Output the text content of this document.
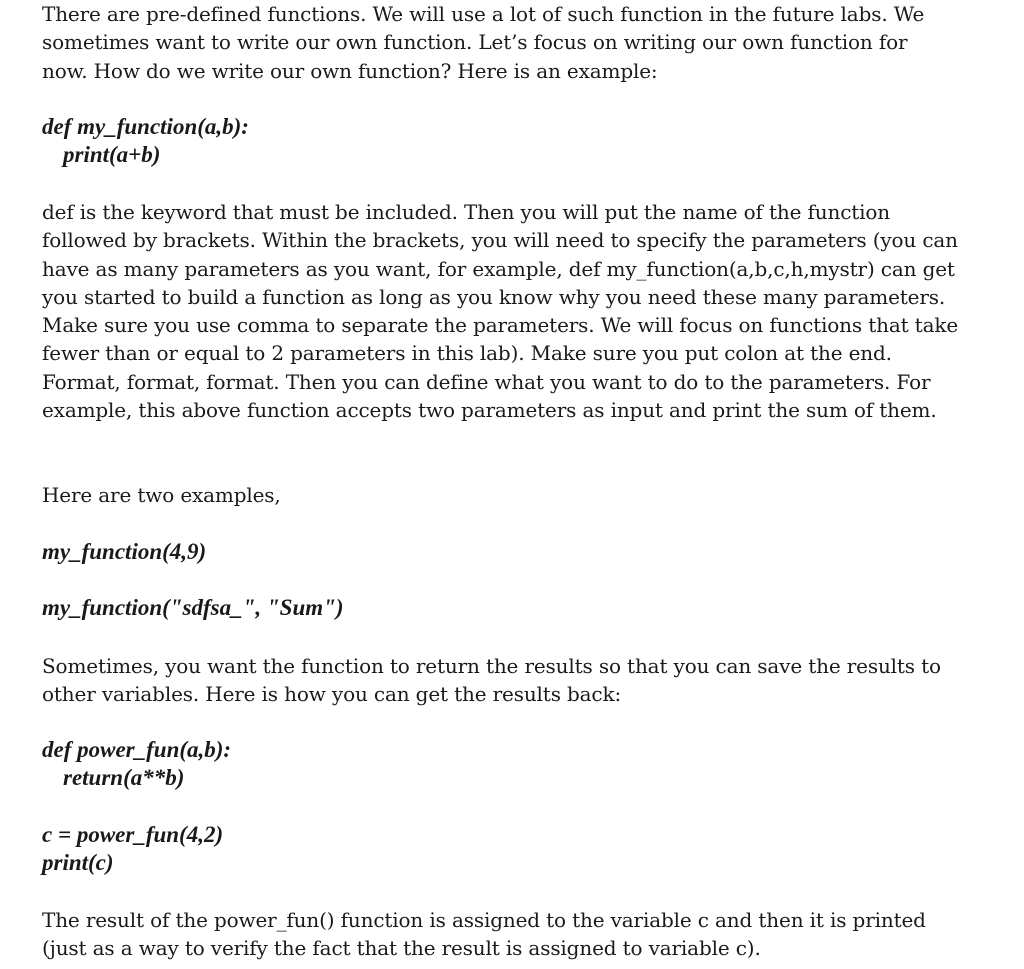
There are pre-defined functions. We will use a lot of such function in the future labs. We
sometimes want to write our own function. Let’s focus on writing our own function for
now. How do we write our own function? Here is an example:

def my_function(a,b):

print(a+b)

def is the keyword that must be included. Then you will put the name of the function
followed by brackets. Within the brackets, you will need to specify the parameters (you can
have as many parameters as you want, for example, def my_function(a,b,c,h,mystr) can get
you started to build a function as long as you know why you need these many parameters.
Make sure you use comma to separate the parameters. We will focus on functions that take
fewer than or equal to 2 parameters in this lab). Make sure you put colon at the end.
Format, format, format. Then you can define what you want to do to the parameters. For
example, this above function accepts two parameters as input and print the sum of them.

Here are two examples,

my_function(4,9)

my_function("sdfsa_", "Sum")

Sometimes, you want the function to return the results so that you can save the results to
other variables. Here is how you can get the results back:

def power_fun(a,b):

return(a**b)

c = power_fun(4,2)

print(c)

The result of the power_fun() function is assigned to the variable c and then it is printed
(just as a way to verify the fact that the result is assigned to variable c).
